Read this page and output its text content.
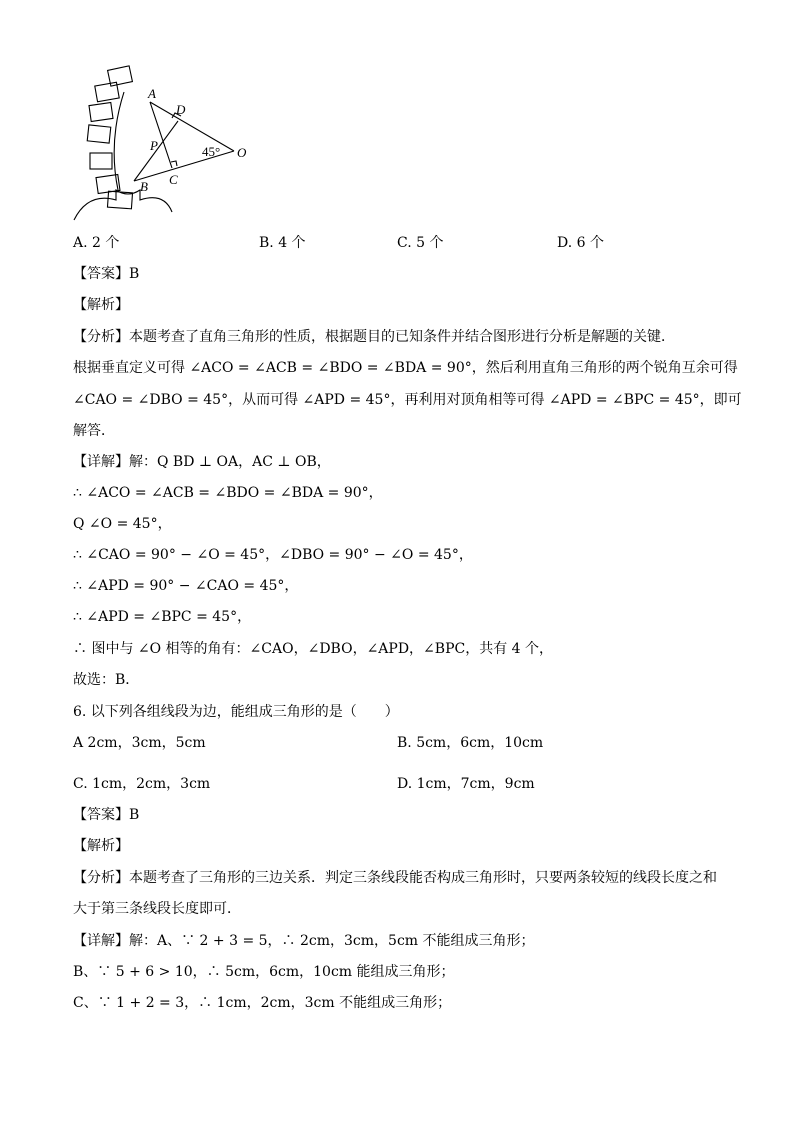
A
D
P	O
B C
45°
A. 2 个	B. 4 个	C. 5 个	D. 6 个
【答案】B
【解析】
【分析】本题考查了直角三角形的性质，根据题目的已知条件并结合图形进行分析是解题的关键．
根据垂直定义可得 ∠ACO = ∠ACB = ∠BDO = ∠BDA = 90°，然后利用直角三角形的两个锐角互余可得
∠CAO = ∠DBO = 45°，从而可得 ∠APD = 45°，再利用对顶角相等可得 ∠APD = ∠BPC = 45°，即可
解答．
【详解】解：Q BD ⊥ OA，AC ⊥ OB，
∴ ∠ACO = ∠ACB = ∠BDO = ∠BDA = 90°，
Q ∠O = 45°，
∴ ∠CAO = 90° − ∠O = 45°，∠DBO = 90° − ∠O = 45°，
∴ ∠APD = 90° − ∠CAO = 45°，
∴ ∠APD = ∠BPC = 45°，
∴ 图中与 ∠O 相等的角有：∠CAO，∠DBO，∠APD，∠BPC，共有 4 个，
故选：B．
6. 以下列各组线段为边，能组成三角形的是（　　）
A 2cm，3cm，5cm	B. 5cm，6cm，10cm
C. 1cm，2cm，3cm	D. 1cm，7cm，9cm
【答案】B
【解析】
【分析】本题考查了三角形的三边关系．判定三条线段能否构成三角形时，只要两条较短的线段长度之和
大于第三条线段长度即可．
【详解】解：A、∵ 2 + 3 = 5，∴ 2cm，3cm，5cm 不能组成三角形；
B、∵ 5 + 6 > 10，∴ 5cm，6cm，10cm 能组成三角形；
C、∵ 1 + 2 = 3，∴ 1cm，2cm，3cm 不能组成三角形；
